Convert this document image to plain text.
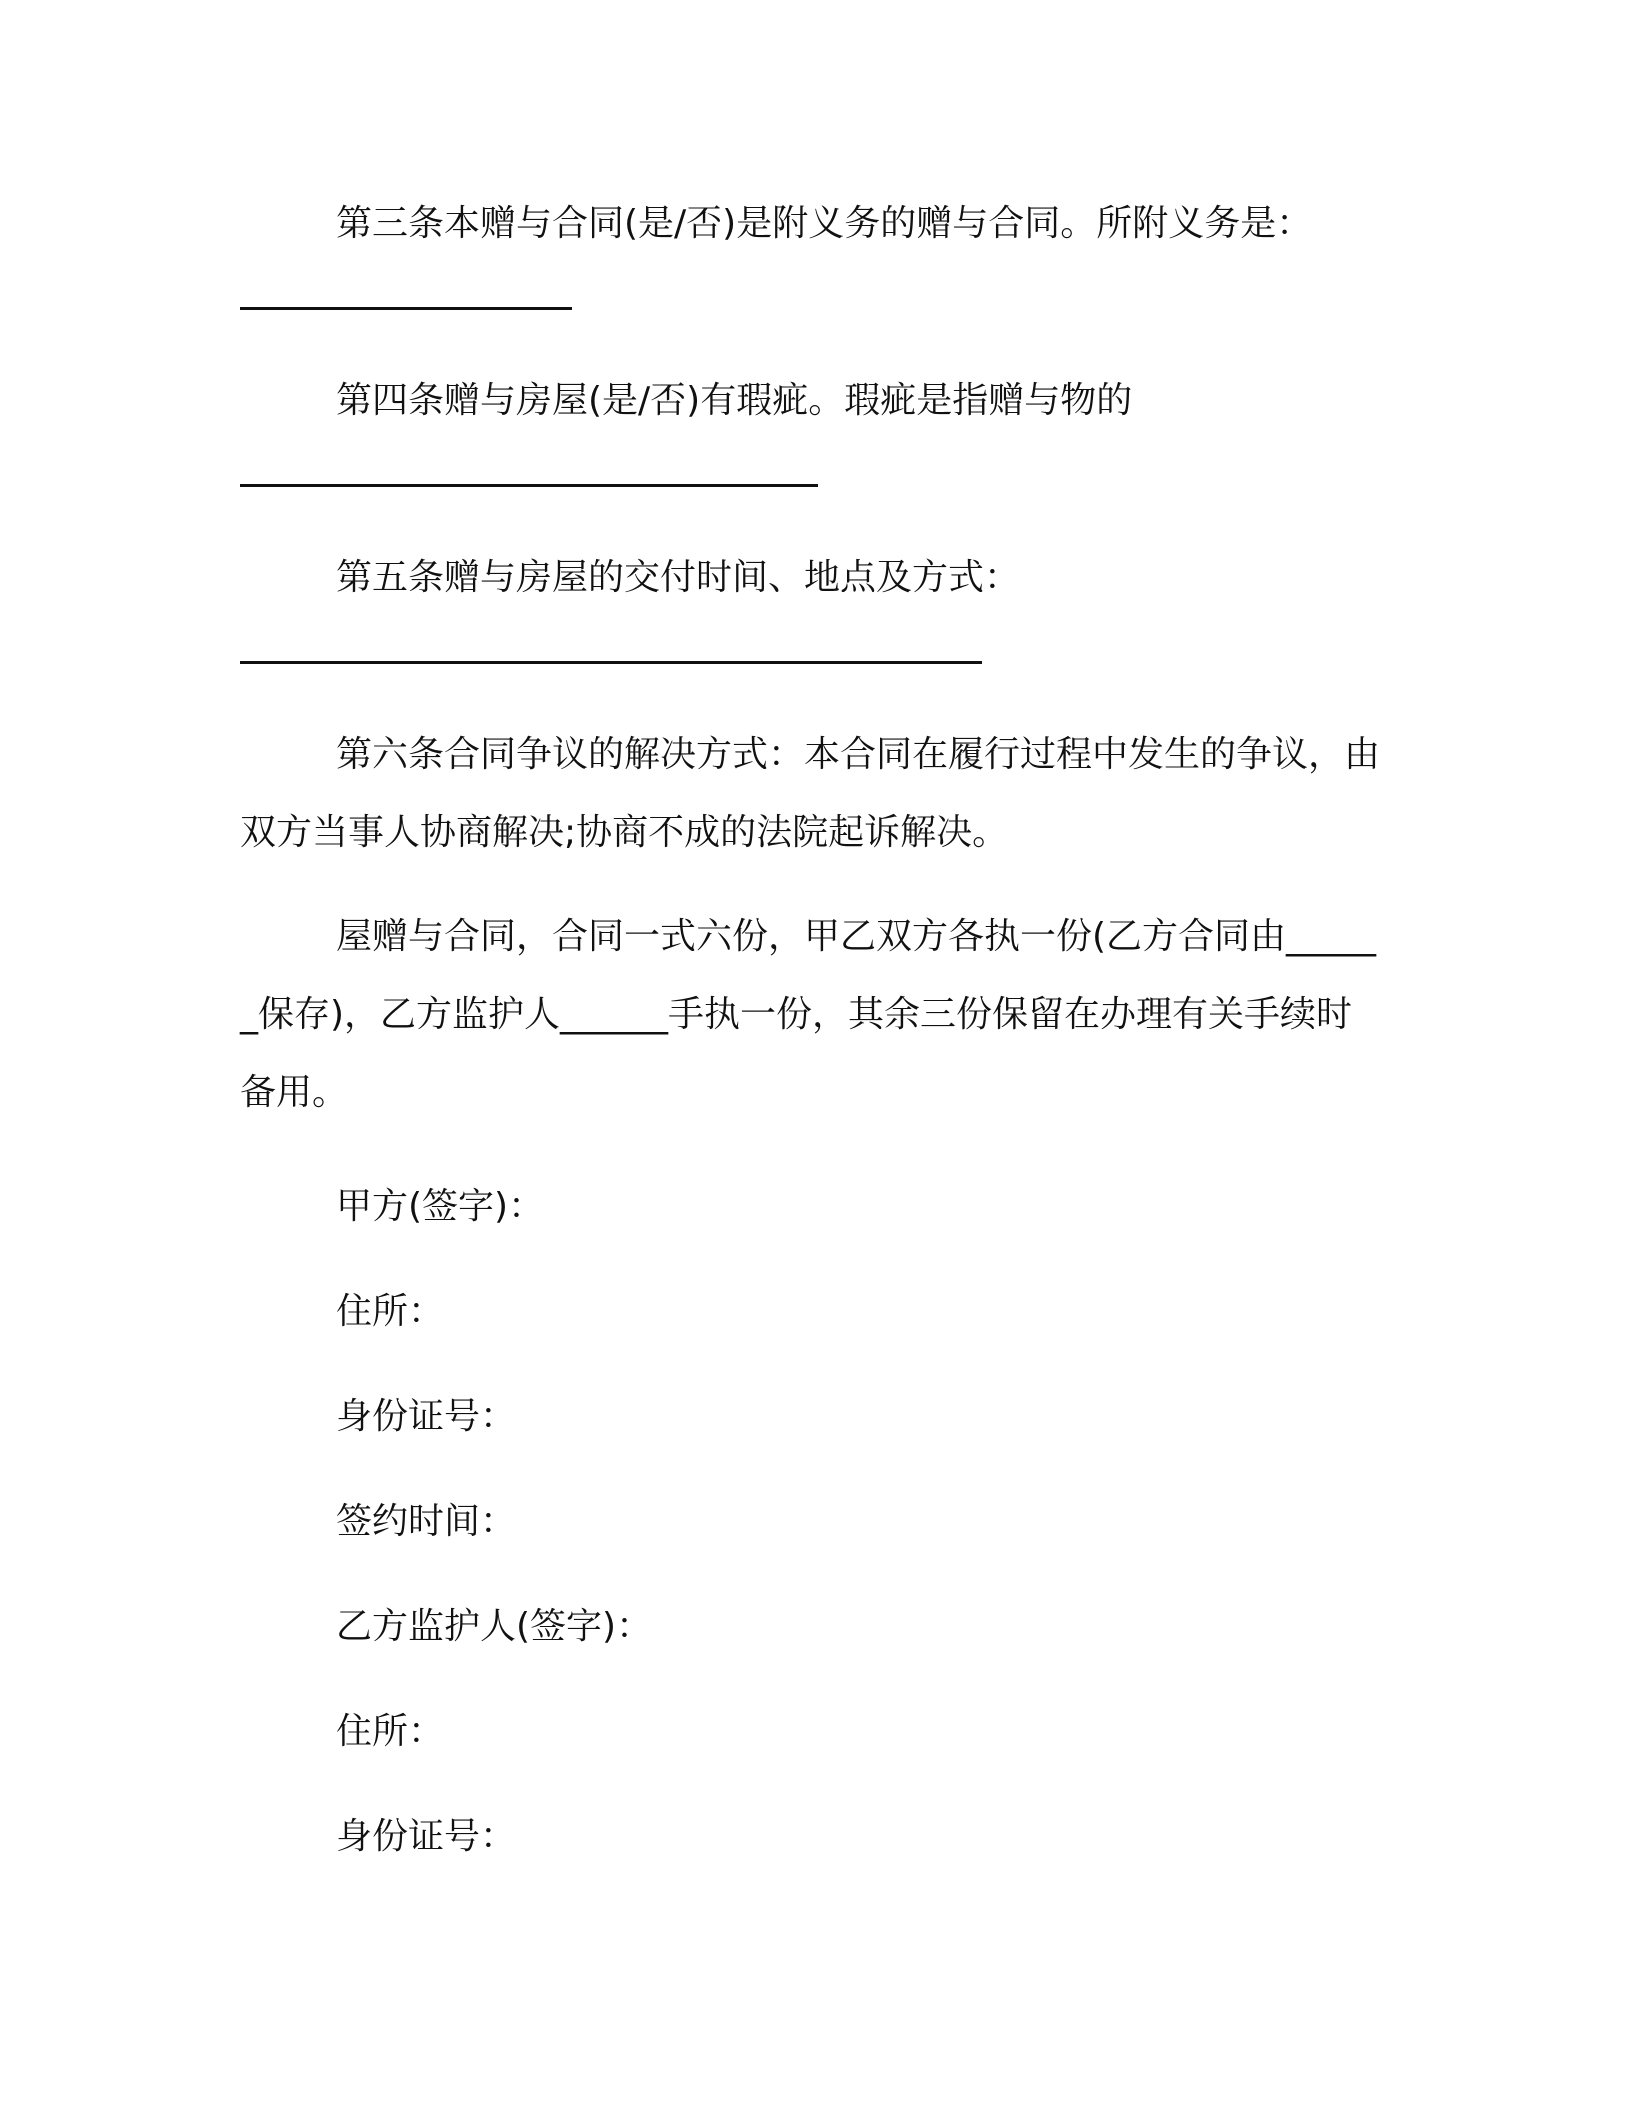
第三条本赠与合同(是/否)是附义务的赠与合同。所附义务是：

第四条赠与房屋(是/否)有瑕疵。瑕疵是指赠与物的

第五条赠与房屋的交付时间、地点及方式：

第六条合同争议的解决方式：本合同在履行过程中发生的争议，由双方当事人协商解决;协商不成的法院起诉解决。

屋赠与合同，合同一式六份，甲乙双方各执一份(乙方合同由______保存)，乙方监护人______手执一份，其余三份保留在办理有关手续时备用。

甲方(签字)：

住所：

身份证号：

签约时间：

乙方监护人(签字)：

住所：

身份证号：
